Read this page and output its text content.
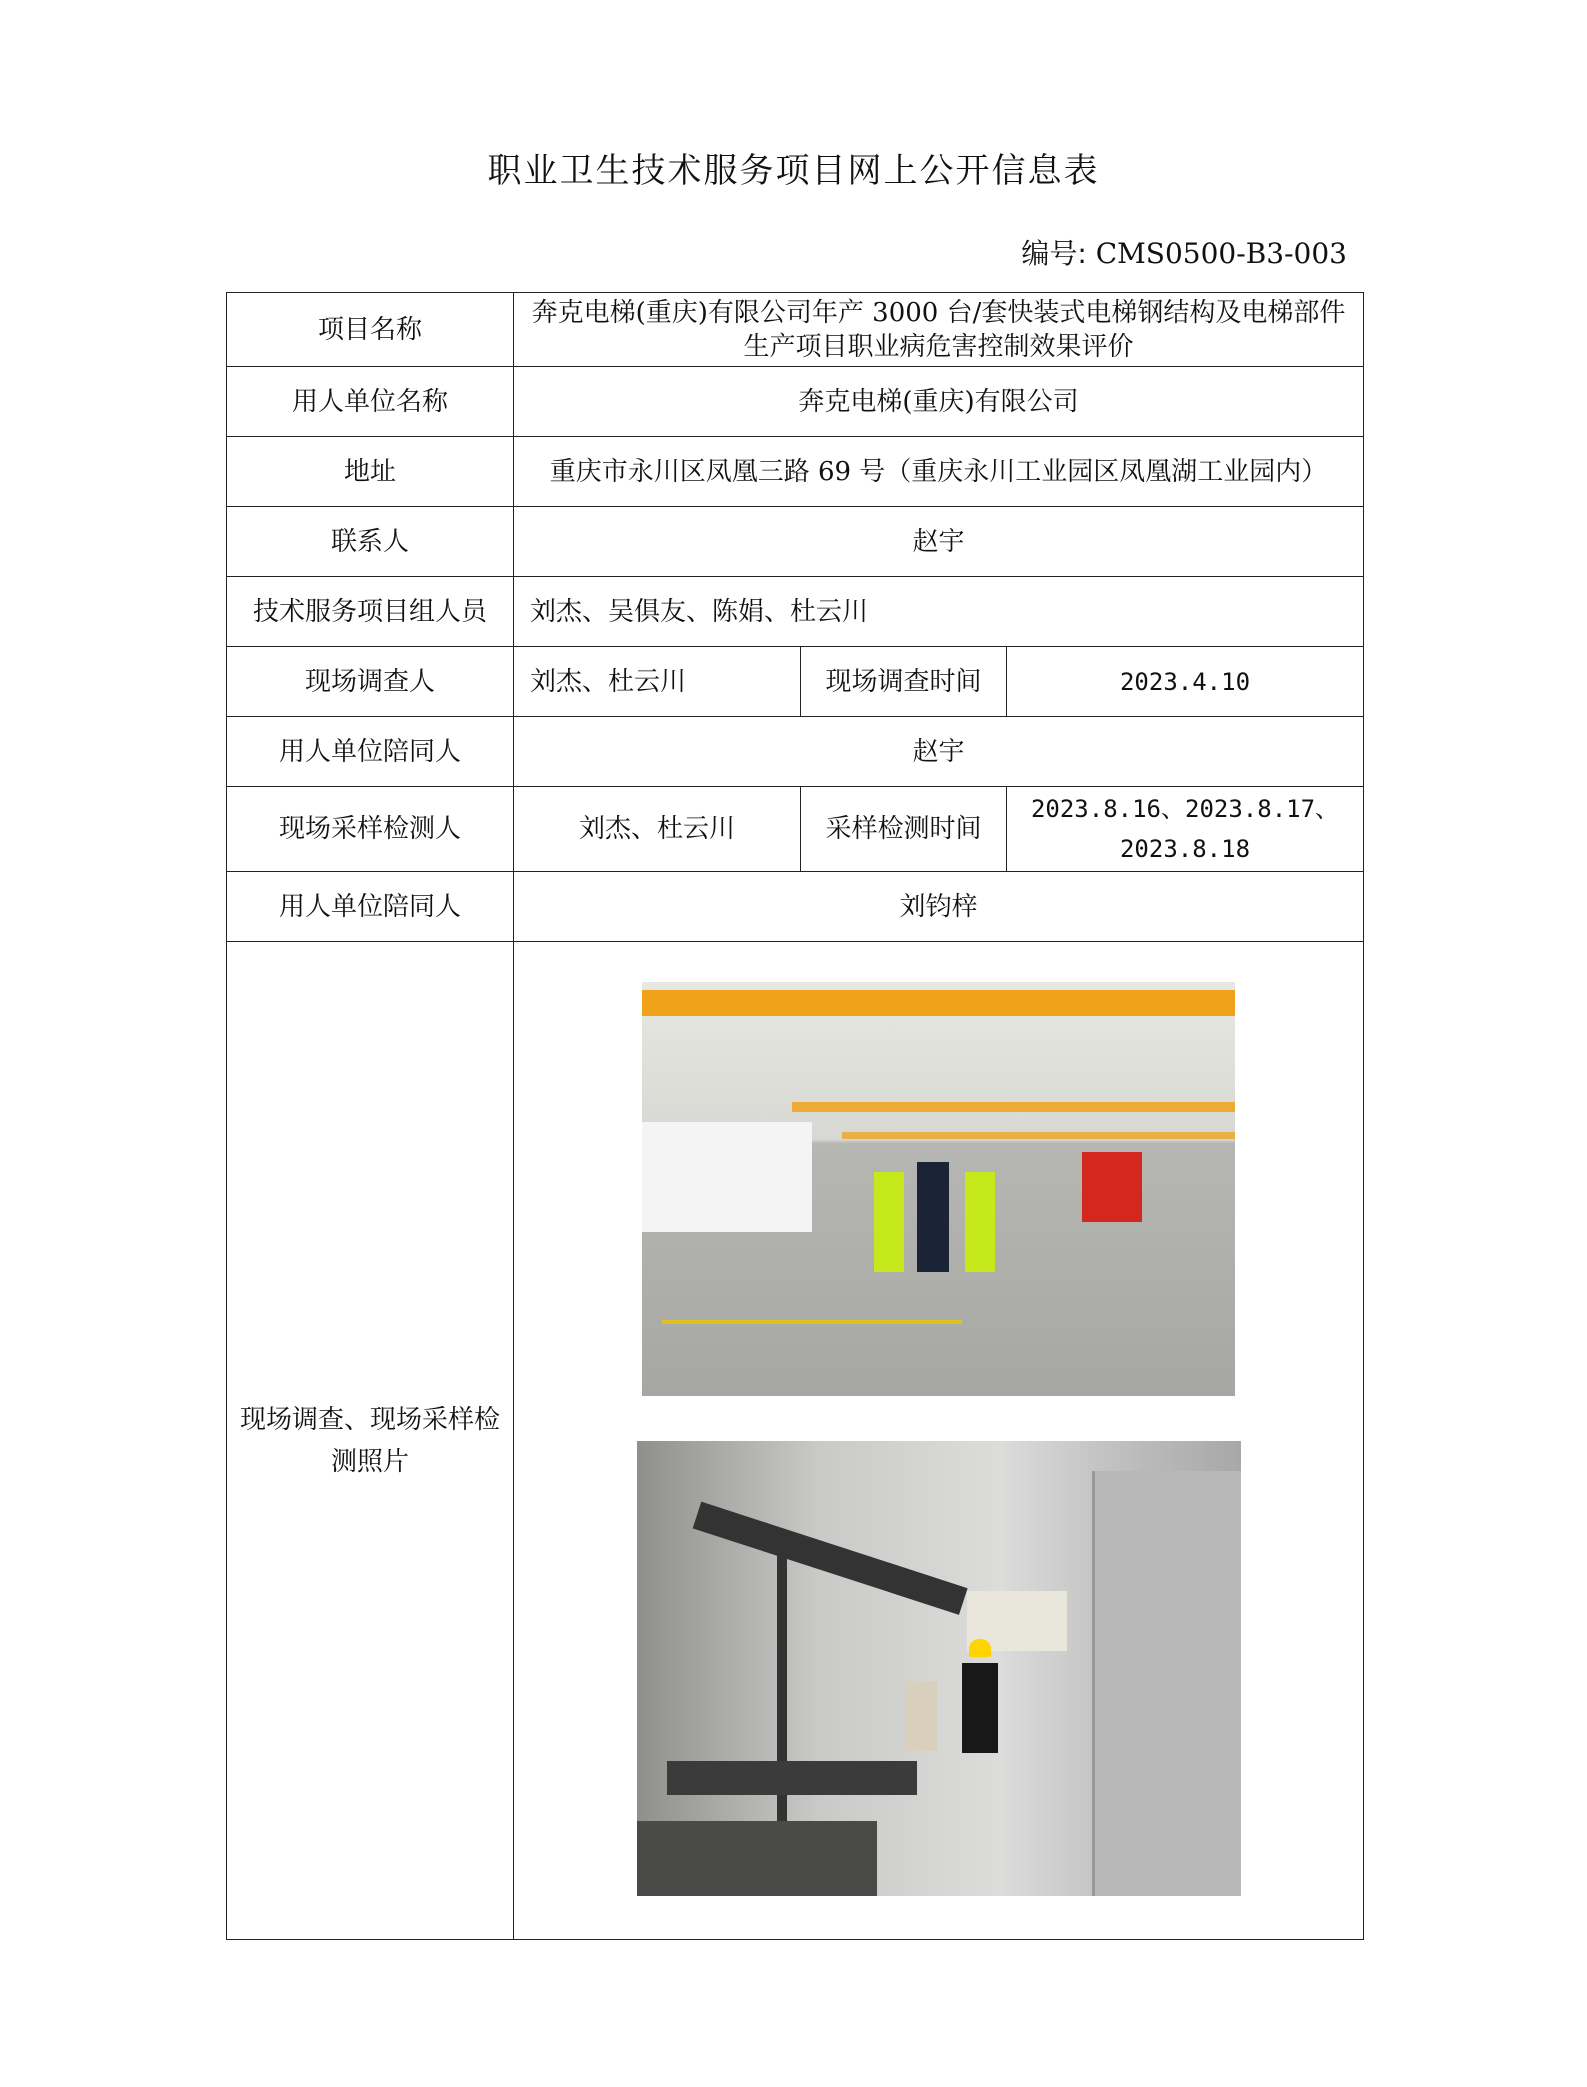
职业卫生技术服务项目网上公开信息表
编号: CMS0500-B3-003
项目名称	奔克电梯(重庆)有限公司年产 3000 台/套快装式电梯钢结构及电梯部件生产项目职业病危害控制效果评价		
用人单位名称	奔克电梯(重庆)有限公司		
地址	重庆市永川区凤凰三路 69 号（重庆永川工业园区凤凰湖工业园内）		
联系人	赵宇		
技术服务项目组人员	刘杰、吴俱友、陈娟、杜云川		
现场调查人	刘杰、杜云川	现场调查时间	2023.4.10
用人单位陪同人	赵宇		
现场采样检测人	刘杰、杜云川	采样检测时间	2023.8.16、2023.8.17、2023.8.18
用人单位陪同人	刘钧梓		
现场调查、现场采样检测照片			
